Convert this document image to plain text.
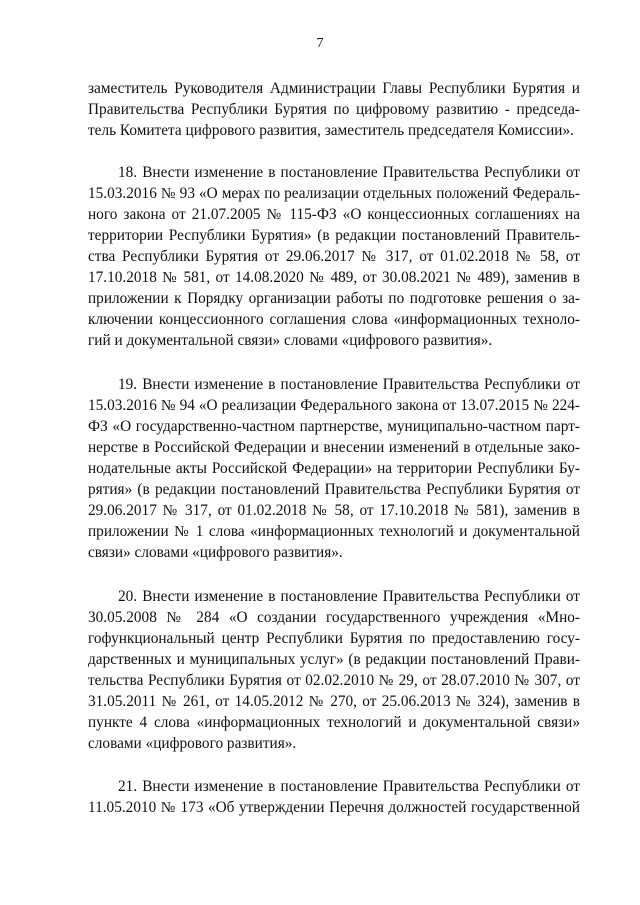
7
заместитель Руководителя Администрации Главы Республики Бурятия и
Правительства Республики Бурятия по цифровому развитию - председа-
тель Комитета цифрового развития, заместитель председателя Комиссии».
18. Внести изменение в постановление Правительства Республики от
15.03.2016 № 93 «О мерах по реализации отдельных положений Федераль-
ного закона от 21.07.2005 № 115-ФЗ «О концессионных соглашениях на
территории Республики Бурятия» (в редакции постановлений Правитель-
ства Республики Бурятия от 29.06.2017 № 317, от 01.02.2018 № 58, от
17.10.2018 № 581, от 14.08.2020 № 489, от 30.08.2021 № 489), заменив в
приложении к Порядку организации работы по подготовке решения о за-
ключении концессионного соглашения слова «информационных техноло-
гий и документальной связи» словами «цифрового развития».
19. Внести изменение в постановление Правительства Республики от
15.03.2016 № 94 «О реализации Федерального закона от 13.07.2015 № 224-
ФЗ «О государственно-частном партнерстве, муниципально-частном парт-
нерстве в Российской Федерации и внесении изменений в отдельные зако-
нодательные акты Российской Федерации» на территории Республики Бу-
рятия» (в редакции постановлений Правительства Республики Бурятия от
29.06.2017 № 317, от 01.02.2018 № 58, от 17.10.2018 № 581), заменив в
приложении № 1 слова «информационных технологий и документальной
связи» словами «цифрового развития».
20. Внести изменение в постановление Правительства Республики от
30.05.2008 № 284 «О создании государственного учреждения «Мно-
гофункциональный центр Республики Бурятия по предоставлению госу-
дарственных и муниципальных услуг» (в редакции постановлений Прави-
тельства Республики Бурятия от 02.02.2010 № 29, от 28.07.2010 № 307, от
31.05.2011 № 261, от 14.05.2012 № 270, от 25.06.2013 № 324), заменив в
пункте 4 слова «информационных технологий и документальной связи»
словами «цифрового развития».
21. Внести изменение в постановление Правительства Республики от
11.05.2010 № 173 «Об утверждении Перечня должностей государственной
